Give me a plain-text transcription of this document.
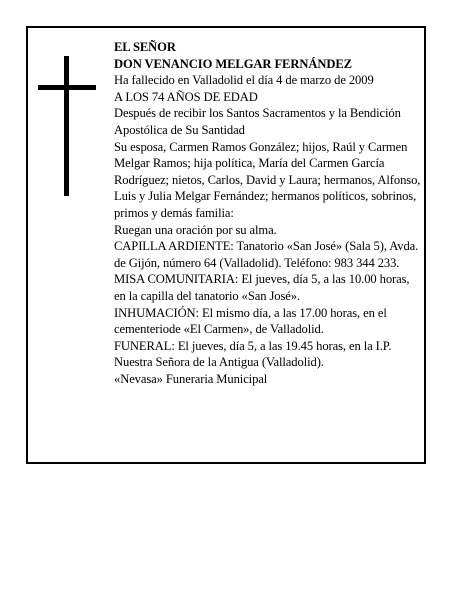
EL SEÑOR
DON VENANCIO MELGAR FERNÁNDEZ
Ha fallecido en Valladolid el día 4 de marzo de 2009
A LOS 74 AÑOS DE EDAD
Después de recibir los Santos Sacramentos y la Bendición Apostólica de Su Santidad
Su esposa, Carmen Ramos González; hijos, Raúl y Carmen Melgar Ramos; hija política, María del Carmen García Rodríguez; nietos, Carlos, David y Laura; hermanos, Alfonso, Luis y Julia Melgar Fernández; hermanos políticos, sobrinos, primos y demás familia:
Ruegan una oración por su alma.
CAPILLA ARDIENTE: Tanatorio «San José» (Sala 5), Avda. de Gijón, número 64 (Valladolid). Teléfono: 983 344 233.
MISA COMUNITARIA: El jueves, día 5, a las 10.00 horas, en la capilla del tanatorio «San José».
INHUMACIÓN: El mismo día, a las 17.00 horas, en el cementeriode «El Carmen», de Valladolid.
FUNERAL: El jueves, día 5, a las 19.45 horas, en la I.P. Nuestra Señora de la Antigua (Valladolid).
«Nevasa» Funeraria Municipal
